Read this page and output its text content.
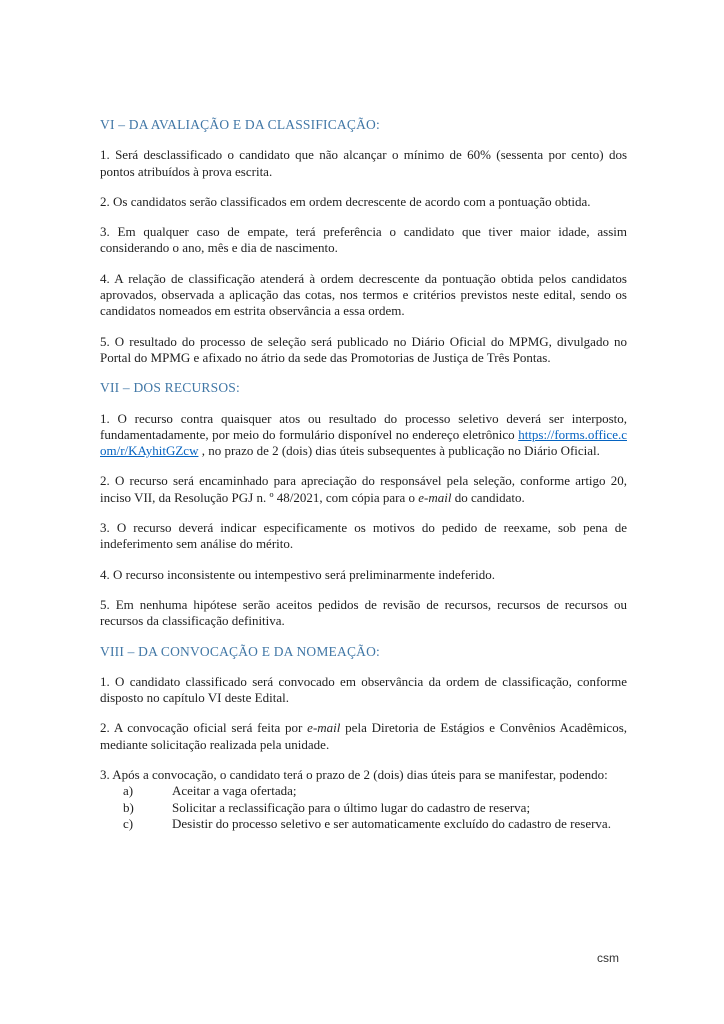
VI – DA AVALIAÇÃO E DA CLASSIFICAÇÃO:
1. Será desclassificado o candidato que não alcançar o mínimo de 60% (sessenta por cento) dos pontos atribuídos à prova escrita.
2. Os candidatos serão classificados em ordem decrescente de acordo com a pontuação obtida.
3. Em qualquer caso de empate, terá preferência o candidato que tiver maior idade, assim considerando o ano, mês e dia de nascimento.
4. A relação de classificação atenderá à ordem decrescente da pontuação obtida pelos candidatos aprovados, observada a aplicação das cotas, nos termos e critérios previstos neste edital, sendo os candidatos nomeados em estrita observância a essa ordem.
5. O resultado do processo de seleção será publicado no Diário Oficial do MPMG, divulgado no Portal do MPMG e afixado no átrio da sede das Promotorias de Justiça de Três Pontas.
VII – DOS RECURSOS:
1. O recurso contra quaisquer atos ou resultado do processo seletivo deverá ser interposto, fundamentadamente, por meio do formulário disponível no endereço eletrônico https://forms.office.com/r/KAyhitGZcw , no prazo de 2 (dois) dias úteis subsequentes à publicação no Diário Oficial.
2. O recurso será encaminhado para apreciação do responsável pela seleção, conforme artigo 20, inciso VII, da Resolução PGJ n. º 48/2021, com cópia para o e-mail do candidato.
3. O recurso deverá indicar especificamente os motivos do pedido de reexame, sob pena de indeferimento sem análise do mérito.
4. O recurso inconsistente ou intempestivo será preliminarmente indeferido.
5. Em nenhuma hipótese serão aceitos pedidos de revisão de recursos, recursos de recursos ou recursos da classificação definitiva.
VIII – DA CONVOCAÇÃO E DA NOMEAÇÃO:
1. O candidato classificado será convocado em observância da ordem de classificação, conforme disposto no capítulo VI deste Edital.
2. A convocação oficial será feita por e-mail pela Diretoria de Estágios e Convênios Acadêmicos, mediante solicitação realizada pela unidade.
3. Após a convocação, o candidato terá o prazo de 2 (dois) dias úteis para se manifestar, podendo:
a)	Aceitar a vaga ofertada;
b)	Solicitar a reclassificação para o último lugar do cadastro de reserva;
c)	Desistir do processo seletivo e ser automaticamente excluído do cadastro de reserva.
csm
